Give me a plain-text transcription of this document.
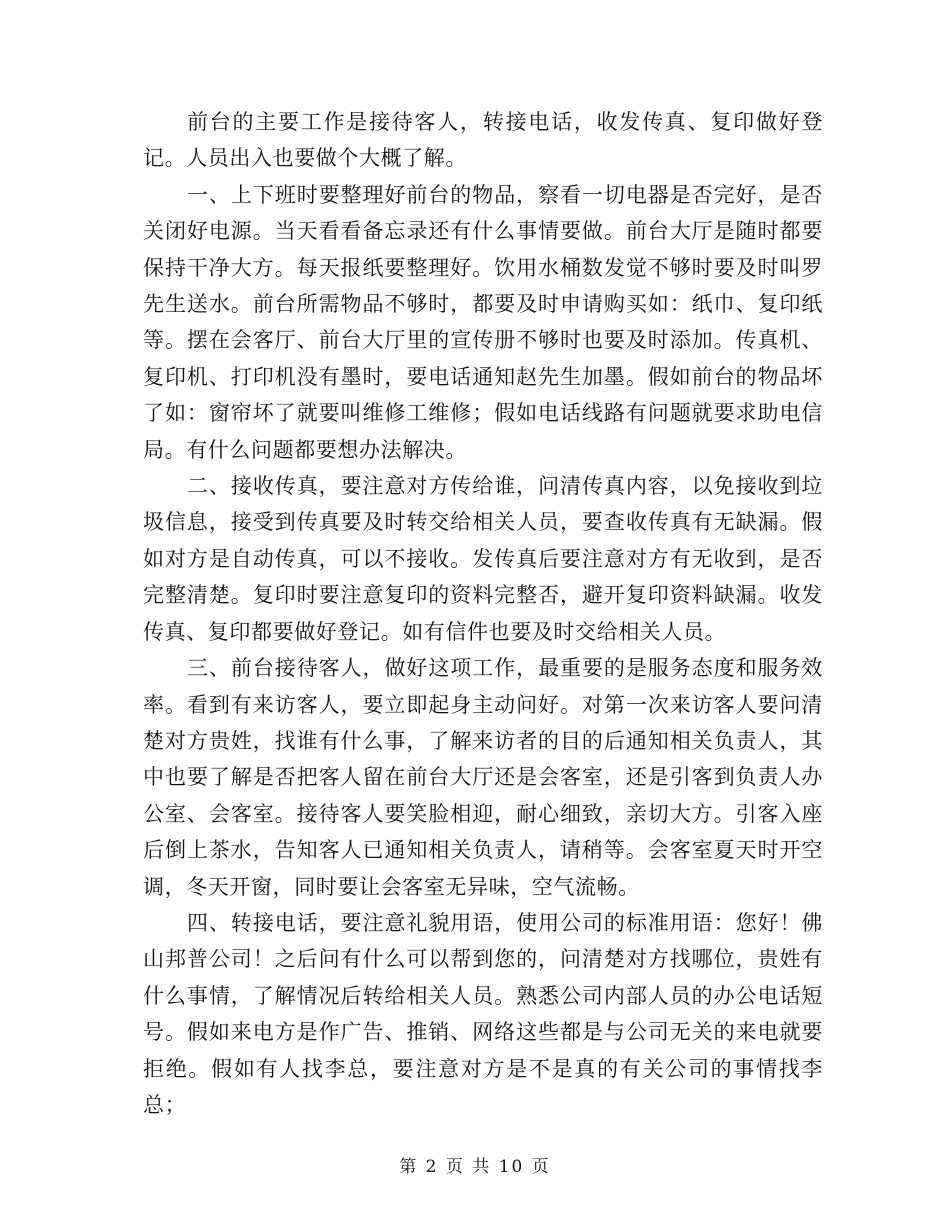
前台的主要工作是接待客人，转接电话，收发传真、复印做好登记。人员出入也要做个大概了解。

一、上下班时要整理好前台的物品，察看一切电器是否完好，是否关闭好电源。当天看看备忘录还有什么事情要做。前台大厅是随时都要保持干净大方。每天报纸要整理好。饮用水桶数发觉不够时要及时叫罗先生送水。前台所需物品不够时，都要及时申请购买如：纸巾、复印纸等。摆在会客厅、前台大厅里的宣传册不够时也要及时添加。传真机、复印机、打印机没有墨时，要电话通知赵先生加墨。假如前台的物品坏了如：窗帘坏了就要叫维修工维修；假如电话线路有问题就要求助电信局。有什么问题都要想办法解决。

二、接收传真，要注意对方传给谁，问清传真内容，以免接收到垃圾信息，接受到传真要及时转交给相关人员，要查收传真有无缺漏。假如对方是自动传真，可以不接收。发传真后要注意对方有无收到，是否完整清楚。复印时要注意复印的资料完整否，避开复印资料缺漏。收发传真、复印都要做好登记。如有信件也要及时交给相关人员。

三、前台接待客人，做好这项工作，最重要的是服务态度和服务效率。看到有来访客人，要立即起身主动问好。对第一次来访客人要问清楚对方贵姓，找谁有什么事，了解来访者的目的后通知相关负责人，其中也要了解是否把客人留在前台大厅还是会客室，还是引客到负责人办公室、会客室。接待客人要笑脸相迎，耐心细致，亲切大方。引客入座后倒上茶水，告知客人已通知相关负责人，请稍等。会客室夏天时开空调，冬天开窗，同时要让会客室无异味，空气流畅。

四、转接电话，要注意礼貌用语，使用公司的标准用语：您好！佛山邦普公司！之后问有什么可以帮到您的，问清楚对方找哪位，贵姓有什么事情，了解情况后转给相关人员。熟悉公司内部人员的办公电话短号。假如来电方是作广告、推销、网络这些都是与公司无关的来电就要拒绝。假如有人找李总，要注意对方是不是真的有关公司的事情找李总；

第 2 页 共 10 页
